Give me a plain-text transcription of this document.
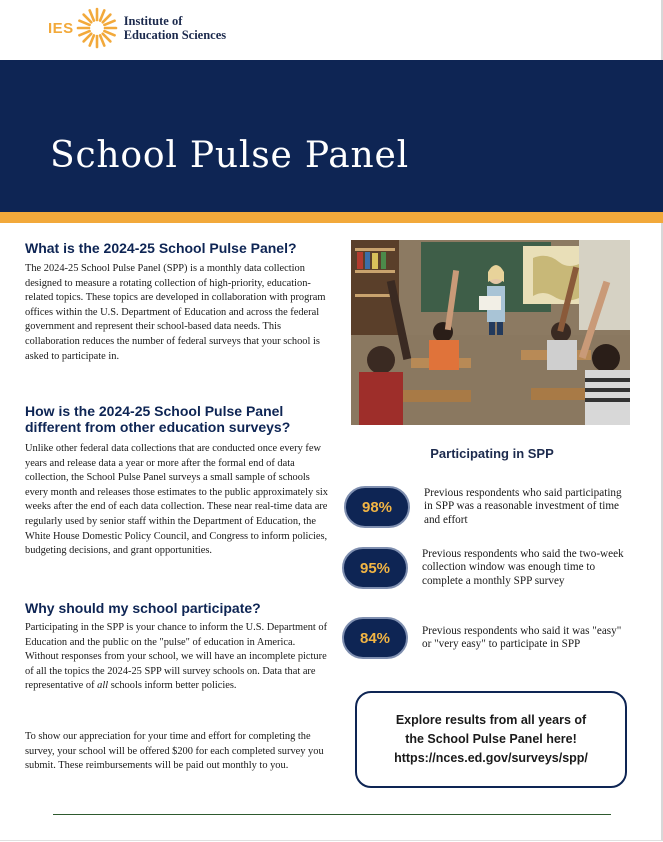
IES	Institute of
Education Sciences
School Pulse Panel
What is the 2024-25 School Pulse Panel?

The 2024-25 School Pulse Panel (SPP) is a monthly data collection designed to measure a rotating collection of high-priority, education-related topics. These topics are developed in collaboration with program offices within the U.S. Department of Education and across the federal government and represent their school-based data needs. This collaboration reduces the number of federal surveys that your school is asked to participate in.

How is the 2024-25 School Pulse Panel different from other education surveys?

Unlike other federal data collections that are conducted once every few years and release data a year or more after the formal end of data collection, the School Pulse Panel surveys a small sample of schools every month and releases those estimates to the public approximately six weeks after the end of each data collection. These near real-time data are regularly used by senior staff within the Department of Education, the White House Domestic Policy Council, and Congress to inform policies, budgeting decisions, and grant opportunities.

Why should my school participate?

Participating in the SPP is your chance to inform the U.S. Department of Education and the public on the "pulse" of education in America. Without responses from your school, we will have an incomplete picture of all the topics the 2024-25 SPP will survey schools on. Data that are representative of all schools inform better policies.

To show our appreciation for your time and effort for completing the survey, your school will be offered $200 for each completed survey you submit. These reimbursements will be paid out monthly to you.

Participating in SPP
98%
Previous respondents who said participating in SPP was a reasonable investment of time and effort
95%
Previous respondents who said the two-week collection window was enough time to complete a monthly SPP survey
84%	Previous respondents who said it was "easy" or "very easy" to participate in SPP
Explore results from all years of
the School Pulse Panel here!
https://nces.ed.gov/surveys/spp/
